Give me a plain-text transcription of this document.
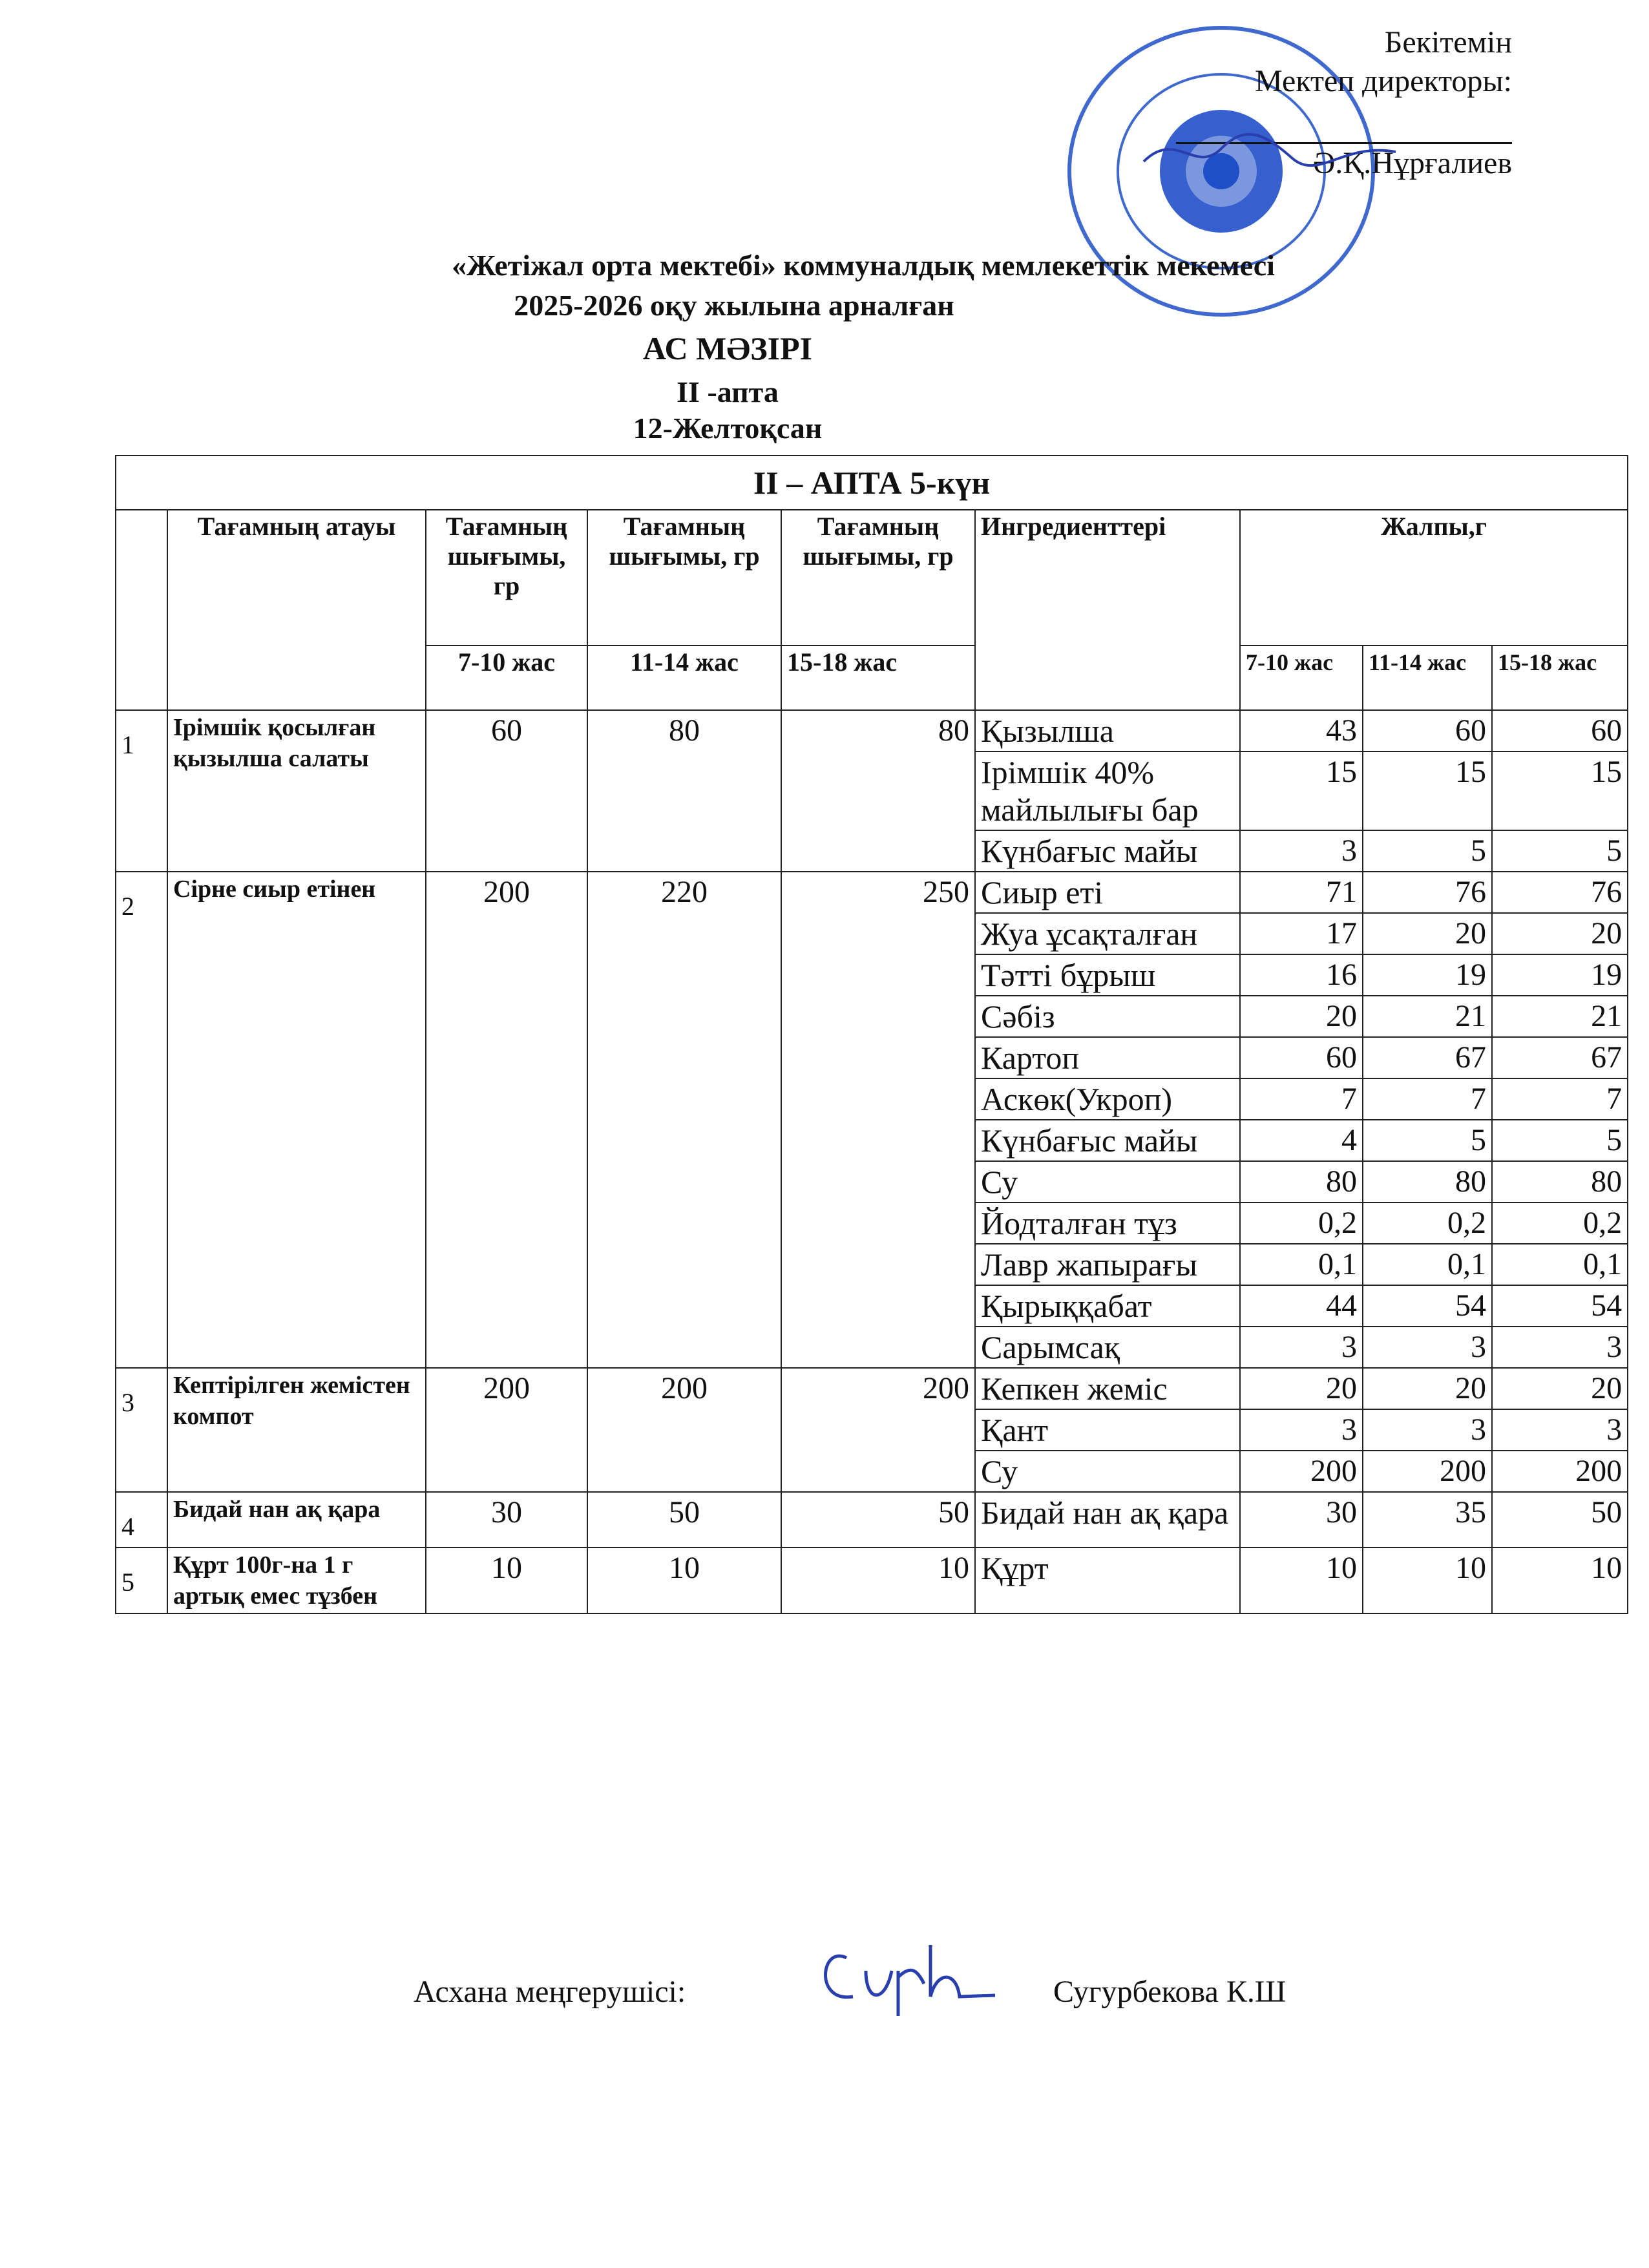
Бекітемін
Мектеп директоры:
Ә.Қ.Нұрғалиев
«Жетіжал орта мектебі» коммуналдық мемлекеттік мекемесі
2025-2026 оқу жылына арналған
АС МӘЗІРІ
ІІ -апта
12-Желтоқсан
ІІ – АПТА 5-күн								
	Тағамның атауы	Тағамның шығымы, гр	Тағамның шығымы, гр	Тағамның шығымы, гр	Ингредиенттері	Жалпы,г		
		7-10 жас	11-14 жас	15-18 жас		7-10 жас	11-14 жас	15-18 жас
1	Ірімшік қосылған қызылша салаты	60	80	80	Қызылша	43	60	60
					Ірімшік 40% майлылығы бар	15	15	15
					Күнбағыс майы	3	5	5
2	Сірне сиыр етінен	200	220	250	Сиыр еті	71	76	76
					Жуа ұсақталған	17	20	20
					Тәтті бұрыш	16	19	19
					Сәбіз	20	21	21
					Картоп	60	67	67
					Аскөк(Укроп)	7	7	7
					Күнбағыс майы	4	5	5
					Су	80	80	80
					Йодталған тұз	0,2	0,2	0,2
					Лавр жапырағы	0,1	0,1	0,1
					Қырыққабат	44	54	54
					Сарымсақ	3	3	3
3	Кептірілген жемістен компот	200	200	200	Кепкен жеміс	20	20	20
					Қант	3	3	3
					Су	200	200	200
4	Бидай нан ақ қара	30	50	50	Бидай нан ақ қара	30	35	50
5	Құрт 100г-на 1 г артық емес тұзбен	10	10	10	Құрт	10	10	10
Асхана меңгерушісі:	Сугурбекова К.Ш
